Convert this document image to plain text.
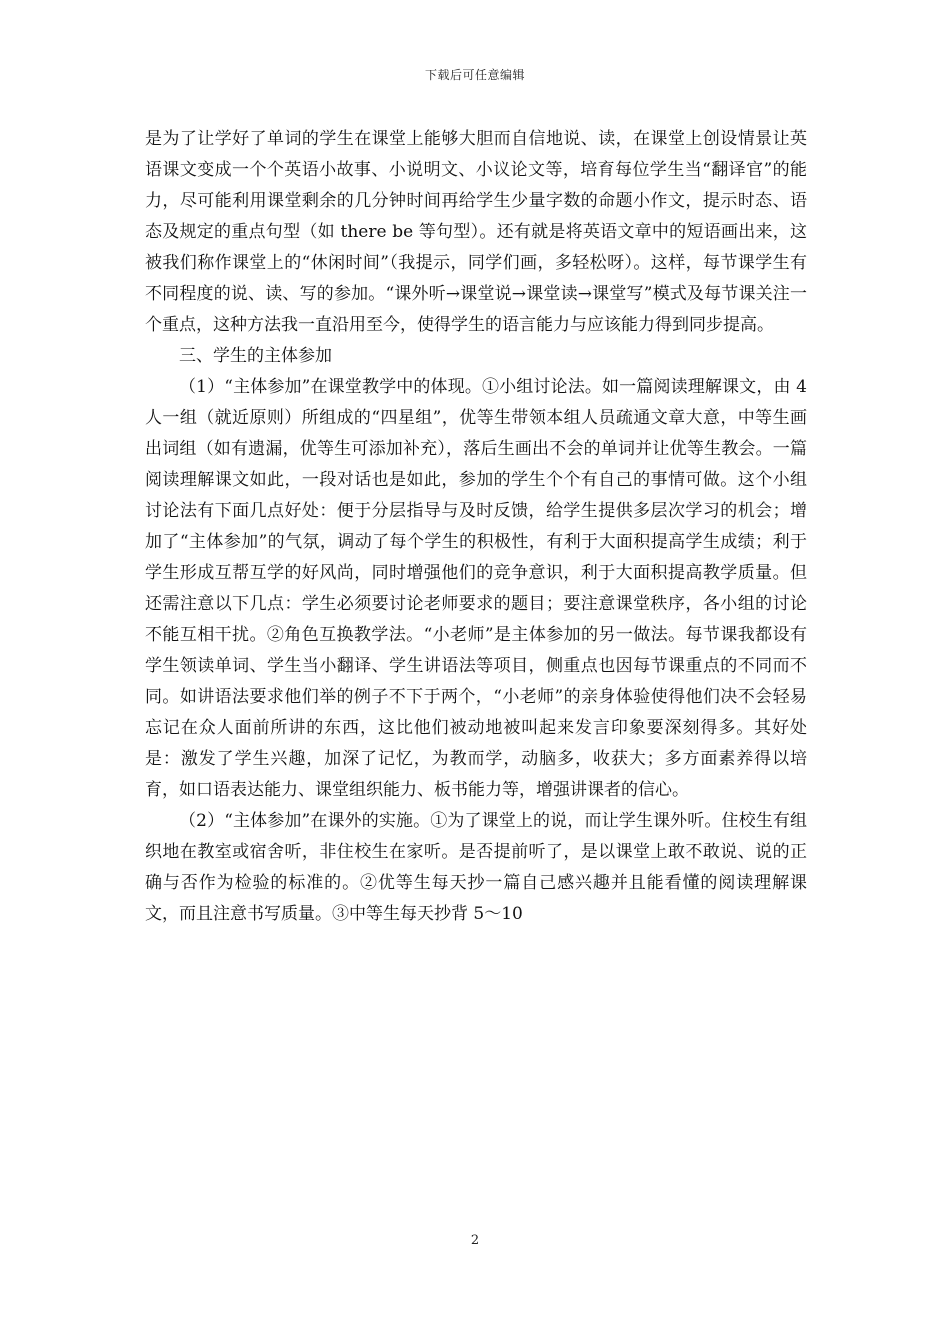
下载后可任意编辑

是为了让学好了单词的学生在课堂上能够大胆而自信地说、读，在课堂上创设情景让英语课文变成一个个英语小故事、小说明文、小议论文等，培育每位学生当“翻译官”的能力，尽可能利用课堂剩余的几分钟时间再给学生少量字数的命题小作文，提示时态、语态及规定的重点句型（如 there be 等句型）。还有就是将英语文章中的短语画出来，这被我们称作课堂上的“休闲时间”（我提示，同学们画，多轻松呀）。这样，每节课学生有不同程度的说、读、写的参加。“课外听→课堂说→课堂读→课堂写”模式及每节课关注一个重点，这种方法我一直沿用至今，使得学生的语言能力与应该能力得到同步提高。

三、学生的主体参加

（1）“主体参加”在课堂教学中的体现。①小组讨论法。如一篇阅读理解课文，由 4 人一组（就近原则）所组成的“四星组”，优等生带领本组人员疏通文章大意，中等生画出词组（如有遗漏，优等生可添加补充），落后生画出不会的单词并让优等生教会。一篇阅读理解课文如此，一段对话也是如此，参加的学生个个有自己的事情可做。这个小组讨论法有下面几点好处：便于分层指导与及时反馈，给学生提供多层次学习的机会；增加了“主体参加”的气氛，调动了每个学生的积极性，有利于大面积提高学生成绩；利于学生形成互帮互学的好风尚，同时增强他们的竞争意识，利于大面积提高教学质量。但还需注意以下几点：学生必须要讨论老师要求的题目；要注意课堂秩序，各小组的讨论不能互相干扰。②角色互换教学法。“小老师”是主体参加的另一做法。每节课我都设有学生领读单词、学生当小翻译、学生讲语法等项目，侧重点也因每节课重点的不同而不同。如讲语法要求他们举的例子不下于两个，“小老师”的亲身体验使得他们决不会轻易忘记在众人面前所讲的东西，这比他们被动地被叫起来发言印象要深刻得多。其好处是：激发了学生兴趣，加深了记忆，为教而学，动脑多，收获大；多方面素养得以培育，如口语表达能力、课堂组织能力、板书能力等，增强讲课者的信心。

（2）“主体参加”在课外的实施。①为了课堂上的说，而让学生课外听。住校生有组织地在教室或宿舍听，非住校生在家听。是否提前听了，是以课堂上敢不敢说、说的正确与否作为检验的标准的。②优等生每天抄一篇自己感兴趣并且能看懂的阅读理解课文，而且注意书写质量。③中等生每天抄背 5～10

2
